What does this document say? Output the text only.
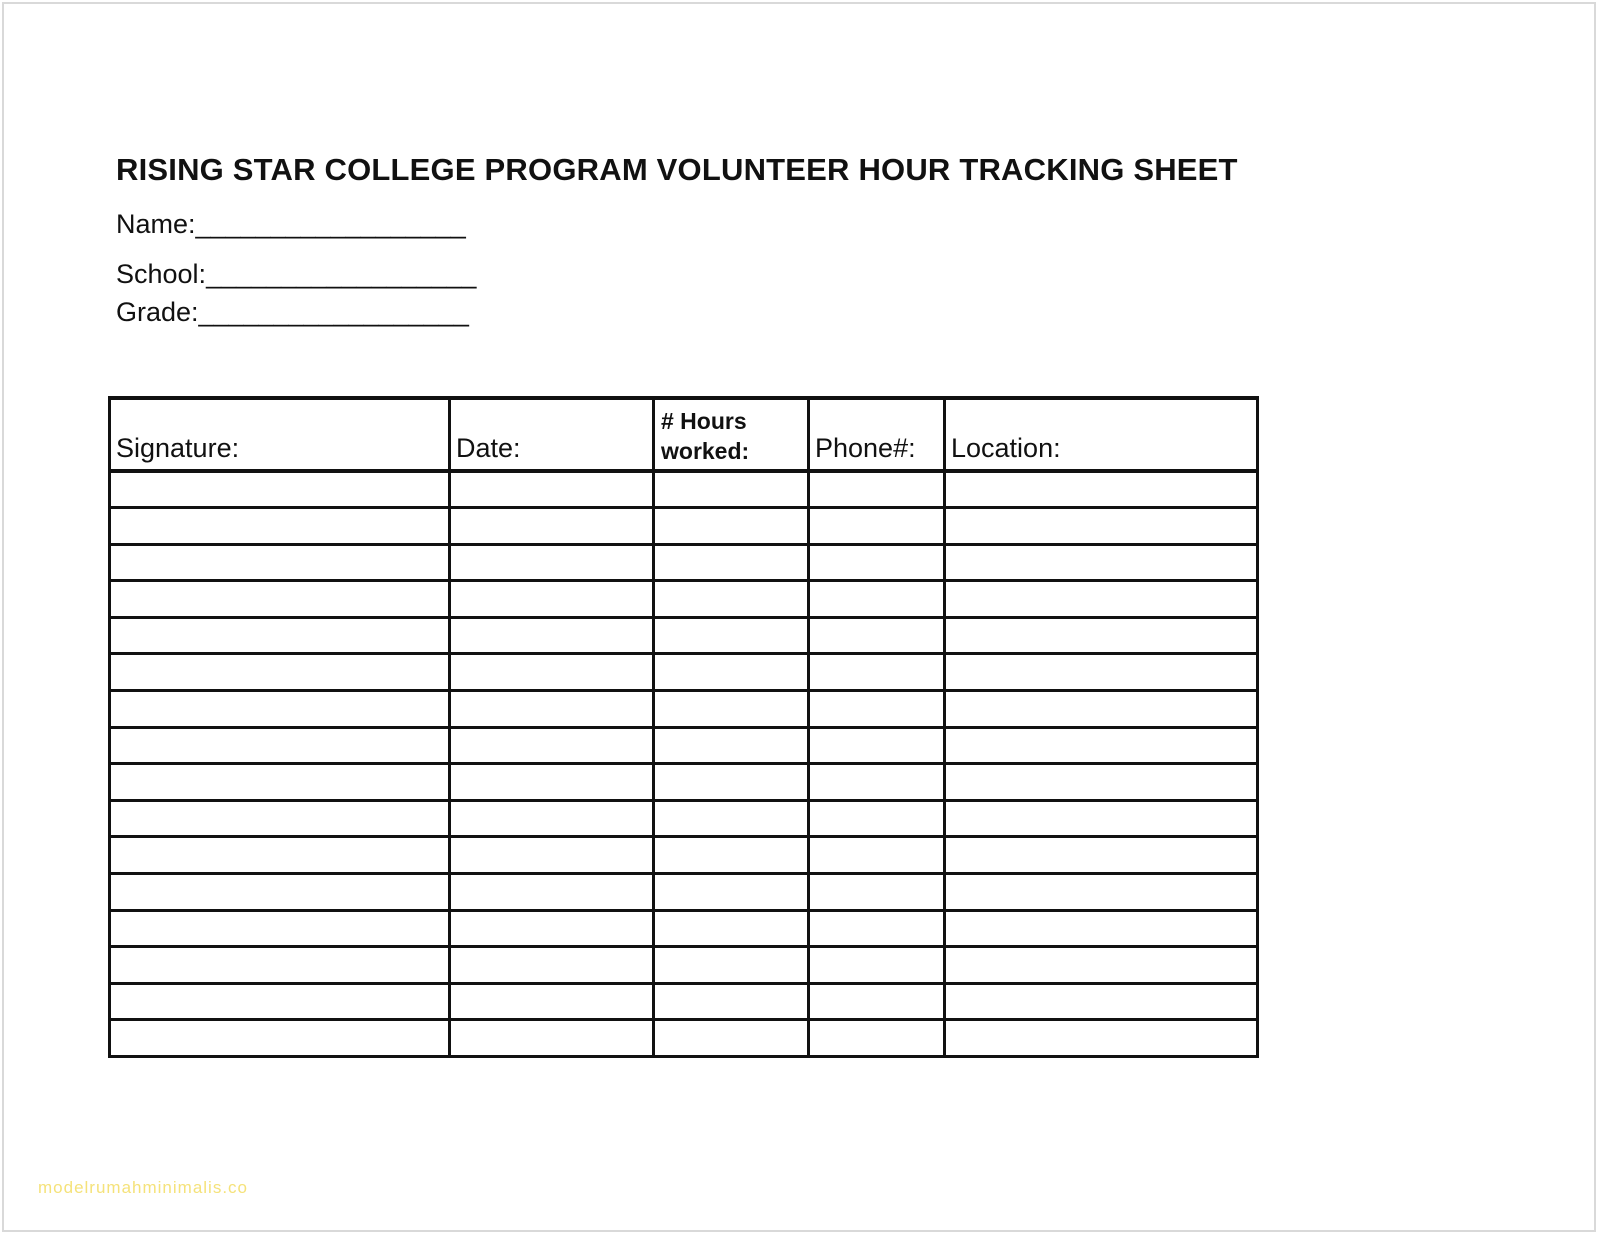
RISING STAR COLLEGE PROGRAM VOLUNTEER HOUR TRACKING SHEET
Name:__________________
School:__________________
Grade:__________________
Signature:	Date:	# Hours worked:	Phone#:	Location:

modelrumahminimalis.co
